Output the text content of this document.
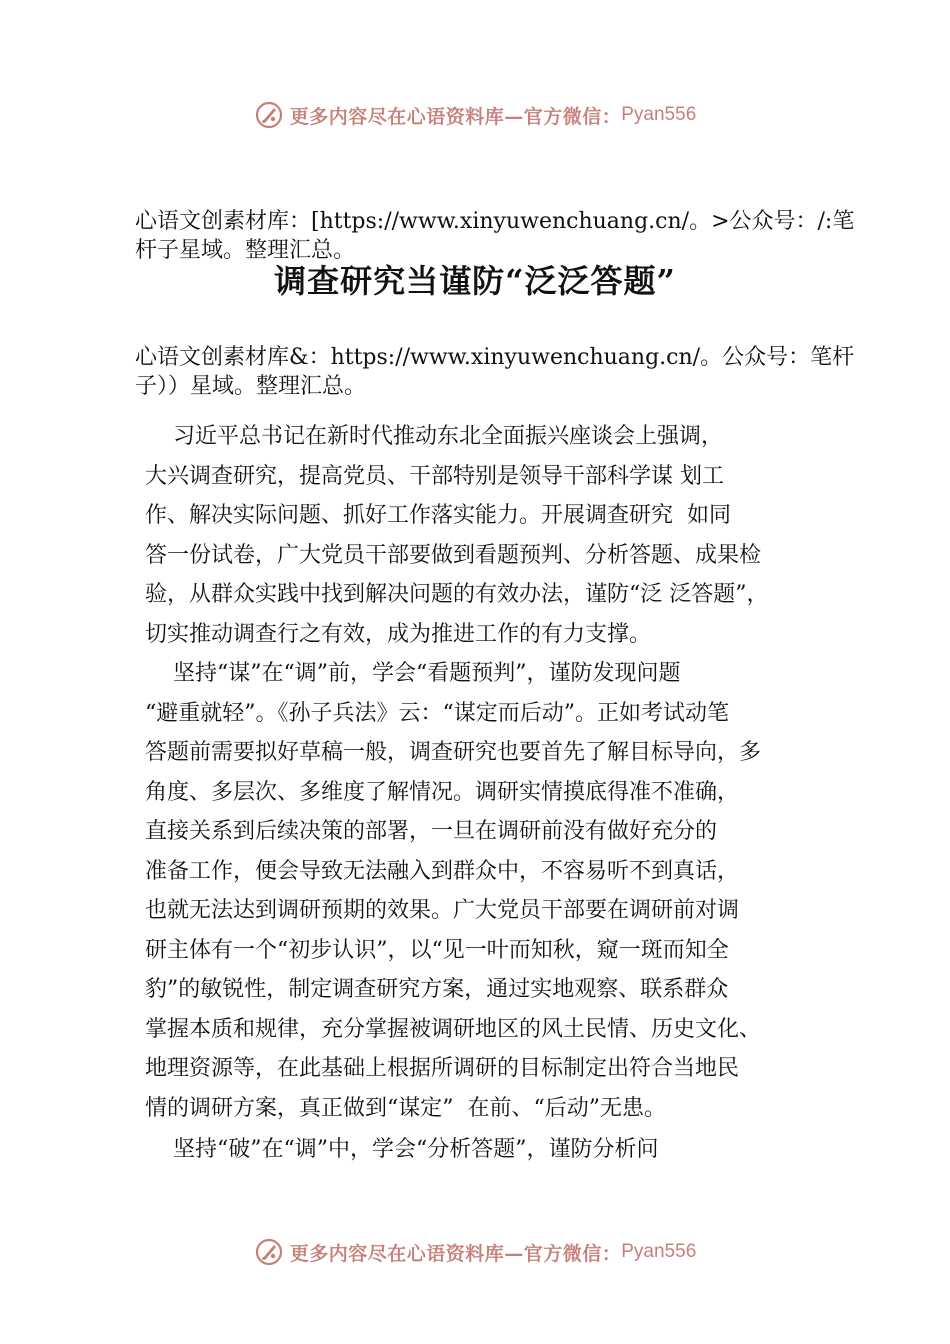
更多内容尽在心语资料库—官方微信： Pyan556
心语文创素材库：[https://www.xinyuwenchuang.cn/。>公众号：/:笔杆子星域。整理汇总。
调查研究当谨防“泛泛答题”
心语文创素材库&：https://www.xinyuwenchuang.cn/。公众号：笔杆子））星域。整理汇总。
习近平总书记在新时代推动东北全面振兴座谈会上强调，
大兴调查研究，提高党员、干部特别是领导干部科学谋 划工
作、解决实际问题、抓好工作落实能力。开展调查研究  如同
答一份试卷，广大党员干部要做到看题预判、分析答题、成果检
验，从群众实践中找到解决问题的有效办法，谨防“泛 泛答题”，
切实推动调查行之有效，成为推进工作的有力支撑。
坚持“谋”在“调”前，学会“看题预判”，谨防发现问题
“避重就轻”。《孙子兵法》云：“谋定而后动”。正如考试动笔
答题前需要拟好草稿一般，调查研究也要首先了解目标导向，多
角度、多层次、多维度了解情况。调研实情摸底得准不准确，
直接关系到后续决策的部署，一旦在调研前没有做好充分的
准备工作，便会导致无法融入到群众中，不容易听不到真话，
也就无法达到调研预期的效果。广大党员干部要在调研前对调
研主体有一个“初步认识”，以“见一叶而知秋，窥一斑而知全
豹”的敏锐性，制定调查研究方案，通过实地观察、联系群众
掌握本质和规律，充分掌握被调研地区的风土民情、历史文化、
地理资源等，在此基础上根据所调研的目标制定出符合当地民
情的调研方案，真正做到“谋定”  在前、“后动”无患。
坚持“破”在“调”中，学会“分析答题”，谨防分析问
更多内容尽在心语资料库—官方微信： Pyan556
